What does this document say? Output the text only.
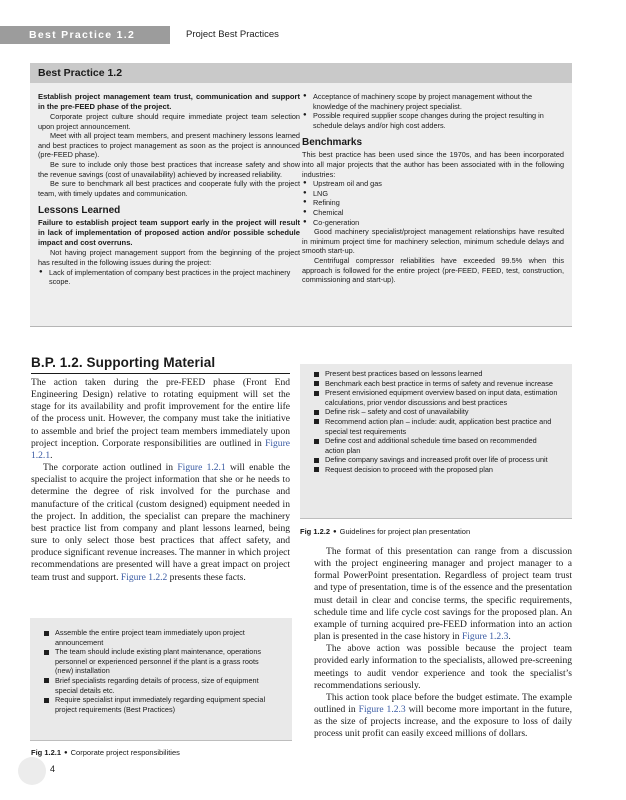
Best Practice 1.2	Project Best Practices
Best Practice 1.2

Establish project management team trust, communication and support in the pre-FEED phase of the project.

Corporate project culture should require immediate project team selection upon project announcement.

Meet with all project team members, and present machinery lessons learned and best practices to project management as soon as the project is announced (pre-FEED phase).

Be sure to include only those best practices that increase safety and show the revenue savings (cost of unavailability) achieved by increased reliability.

Be sure to benchmark all best practices and cooperate fully with the project team, with timely updates and communication.

Lessons Learned

Failure to establish project team support early in the project will result in lack of implementation of proposed action and/or possible schedule impact and cost overruns.

Not having project management support from the beginning of the project has resulted in the following issues during the project:

● Lack of implementation of company best practices in the project machinery scope.
● Acceptance of machinery scope by project management without the knowledge of the machinery project specialist.
● Possible required supplier scope changes during the project resulting in schedule delays and/or high cost adders.
Benchmarks

This best practice has been used since the 1970s, and has been incorporated into all major projects that the author has been associated with in the following industries:

● Upstream oil and gas
● LNG
● Refining
● Chemical
● Co-generation

Good machinery specialist/project management relationships have resulted in minimum project time for machinery selection, minimum schedule delays and smooth start-up.

Centrifugal compressor reliabilities have exceeded 99.5% when this approach is followed for the entire project (pre-FEED, FEED, test, construction, commissioning and start-up).

B.P. 1.2. Supporting Material

The action taken during the pre-FEED phase (Front End Engineering Design) relative to rotating equipment will set the stage for its availability and profit improvement for the entire life of the process unit. However, the company must take the initiative to assemble and brief the project team members immediately upon project inception. Corporate responsibilities are outlined in Figure 1.2.1.

The corporate action outlined in Figure 1.2.1 will enable the specialist to acquire the project information that she or he needs to determine the degree of risk involved for the purchase and manufacture of the critical (custom designed) equipment needed in the project. In addition, the specialist can prepare the machinery best practice list from company and plant lessons learned, being sure to only select those best practices that affect safety, and produce significant revenue increases. The manner in which project recommendations are presented will have a great impact on project team trust and support. Figure 1.2.2 presents these facts.

Assemble the entire project team immediately upon project announcement
The team should include existing plant maintenance, operations personnel or experienced personnel if the plant is a grass roots (new) installation
Brief specialists regarding details of process, size of equipment special details etc.
Require specialist input immediately regarding equipment special project requirements (Best Practices)
Fig 1.2.1 ● Corporate project responsibilities
Present best practices based on lessons learned
Benchmark each best practice in terms of safety and revenue increase
Present envisioned equipment overview based on input data, estimation calculations, prior vendor discussions and best practices
Define risk – safety and cost of unavailability
Recommend action plan – include: audit, application best practice and special test requirements
Define cost and additional schedule time based on recommended action plan
Define company savings and increased profit over life of process unit
Request decision to proceed with the proposed plan
Fig 1.2.2 ● Guidelines for project plan presentation

The format of this presentation can range from a discussion with the project engineering manager and project manager to a formal PowerPoint presentation. Regardless of project team trust and type of presentation, time is of the essence and the presentation must detail in clear and concise terms, the specific requirements, schedule time and life cycle cost savings for the proposed plan. An example of turning acquired pre-FEED information into an action plan is presented in the case history in Figure 1.2.3.

The above action was possible because the project team provided early information to the specialists, allowed pre-screening meetings to audit vendor experience and took the specialist’s recommendations seriously.

This action took place before the budget estimate. The example outlined in Figure 1.2.3 will become more important in the future, as the size of projects increase, and the exposure to loss of daily process unit profit can easily exceed millions of dollars.

4
